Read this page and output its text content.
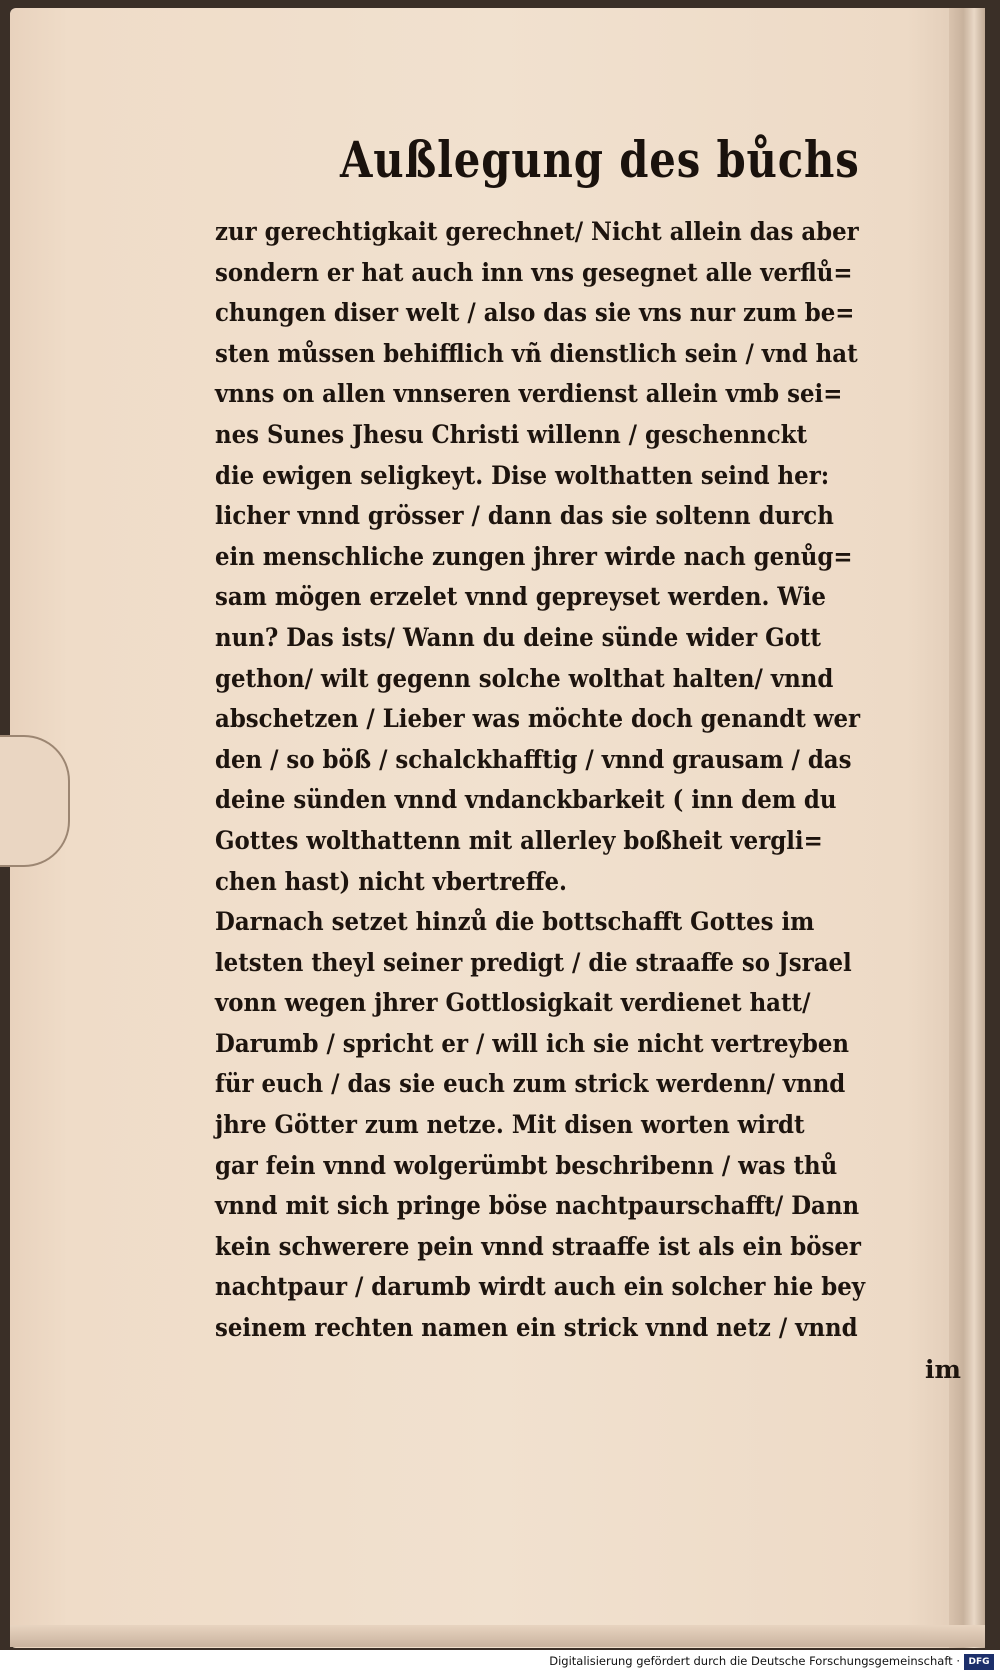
Außlegung des bůchs
zur gerechtigkait gerechnet/ Nicht allein das aber
sondern er hat auch inn vns gesegnet alle verflů=
chungen diser welt / also das sie vns nur zum be=
sten můssen behifflich vñ dienstlich sein / vnd hat
vnns on allen vnnseren verdienst allein vmb sei=
nes Sunes Jhesu Christi willenn / geschennckt
die ewigen seligkeyt. Dise wolthatten seind her:
licher vnnd grösser / dann das sie soltenn durch
ein menschliche zungen jhrer wirde nach genůg=
sam mögen erzelet vnnd gepreyset werden. Wie
nun? Das ists/ Wann du deine sünde wider Gott
gethon/ wilt gegenn solche wolthat halten/ vnnd
abschetzen / Lieber was möchte doch genandt wer
den / so böß / schalckhafftig / vnnd grausam / das
deine sünden vnnd vndanckbarkeit ( inn dem du
Gottes wolthattenn mit allerley boßheit vergli=
chen hast) nicht vbertreffe.
Darnach setzet hinzů die bottschafft Gottes im
letsten theyl seiner predigt / die straaffe so Jsrael
vonn wegen jhrer Gottlosigkait verdienet hatt/
Darumb / spricht er / will ich sie nicht vertreyben
für euch / das sie euch zum strick werdenn/ vnnd
jhre Götter zum netze. Mit disen worten wirdt
gar fein vnnd wolgerümbt beschribenn / was thů
vnnd mit sich pringe böse nachtpaurschafft/ Dann
kein schwerere pein vnnd straaffe ist als ein böser
nachtpaur / darumb wirdt auch ein solcher hie bey
seinem rechten namen ein strick vnnd netz / vnnd
im
Digitalisierung gefördert durch die Deutsche Forschungsgemeinschaft · DFG
